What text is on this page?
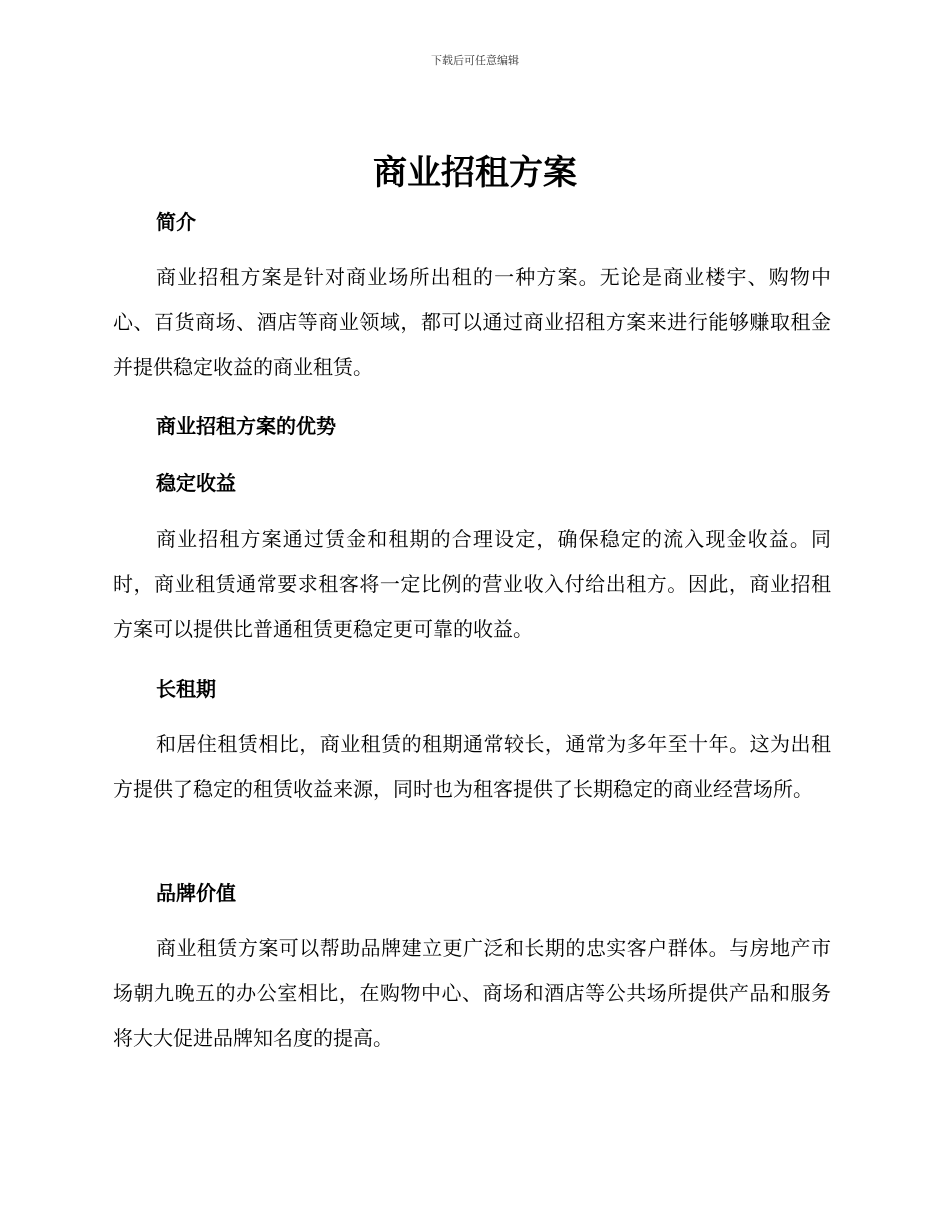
下载后可任意编辑
商业招租方案
简介

商业招租方案是针对商业场所出租的一种方案。无论是商业楼宇、购物中心、百货商场、酒店等商业领域，都可以通过商业招租方案来进行能够赚取租金并提供稳定收益的商业租赁。

商业招租方案的优势
稳定收益

商业招租方案通过赁金和租期的合理设定，确保稳定的流入现金收益。同时，商业租赁通常要求租客将一定比例的营业收入付给出租方。因此，商业招租方案可以提供比普通租赁更稳定更可靠的收益。

长租期

和居住租赁相比，商业租赁的租期通常较长，通常为多年至十年。这为出租方提供了稳定的租赁收益来源，同时也为租客提供了长期稳定的商业经营场所。

品牌价值

商业租赁方案可以帮助品牌建立更广泛和长期的忠实客户群体。与房地产市场朝九晚五的办公室相比，在购物中心、商场和酒店等公共场所提供产品和服务将大大促进品牌知名度的提高。
